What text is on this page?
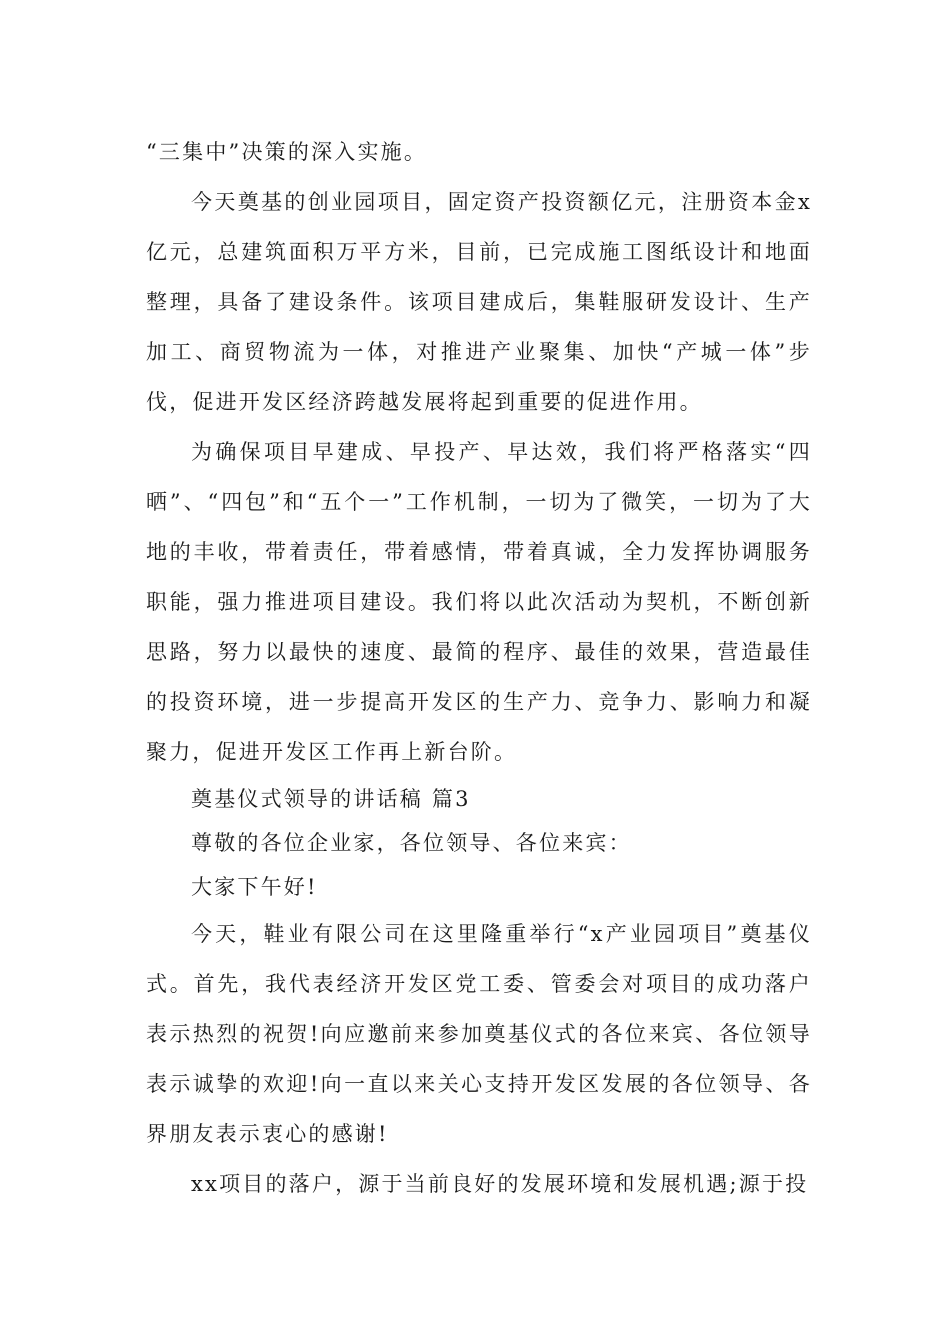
“三集中”决策的深入实施。

今天奠基的创业园项目，固定资产投资额亿元，注册资本金x亿元，总建筑面积万平方米，目前，已完成施工图纸设计和地面整理，具备了建设条件。该项目建成后，集鞋服研发设计、生产加工、商贸物流为一体，对推进产业聚集、加快“产城一体”步伐，促进开发区经济跨越发展将起到重要的促进作用。

为确保项目早建成、早投产、早达效，我们将严格落实“四晒”、“四包”和“五个一”工作机制，一切为了微笑，一切为了大地的丰收，带着责任，带着感情，带着真诚，全力发挥协调服务职能，强力推进项目建设。我们将以此次活动为契机，不断创新思路，努力以最快的速度、最简的程序、最佳的效果，营造最佳的投资环境，进一步提高开发区的生产力、竞争力、影响力和凝聚力，促进开发区工作再上新台阶。

奠基仪式领导的讲话稿 篇3

尊敬的各位企业家，各位领导、各位来宾：

大家下午好!

今天，鞋业有限公司在这里隆重举行“x产业园项目”奠基仪式。首先，我代表经济开发区党工委、管委会对项目的成功落户表示热烈的祝贺!向应邀前来参加奠基仪式的各位来宾、各位领导表示诚挚的欢迎!向一直以来关心支持开发区发展的各位领导、各界朋友表示衷心的感谢!

xx项目的落户，源于当前良好的发展环境和发展机遇;源于投
